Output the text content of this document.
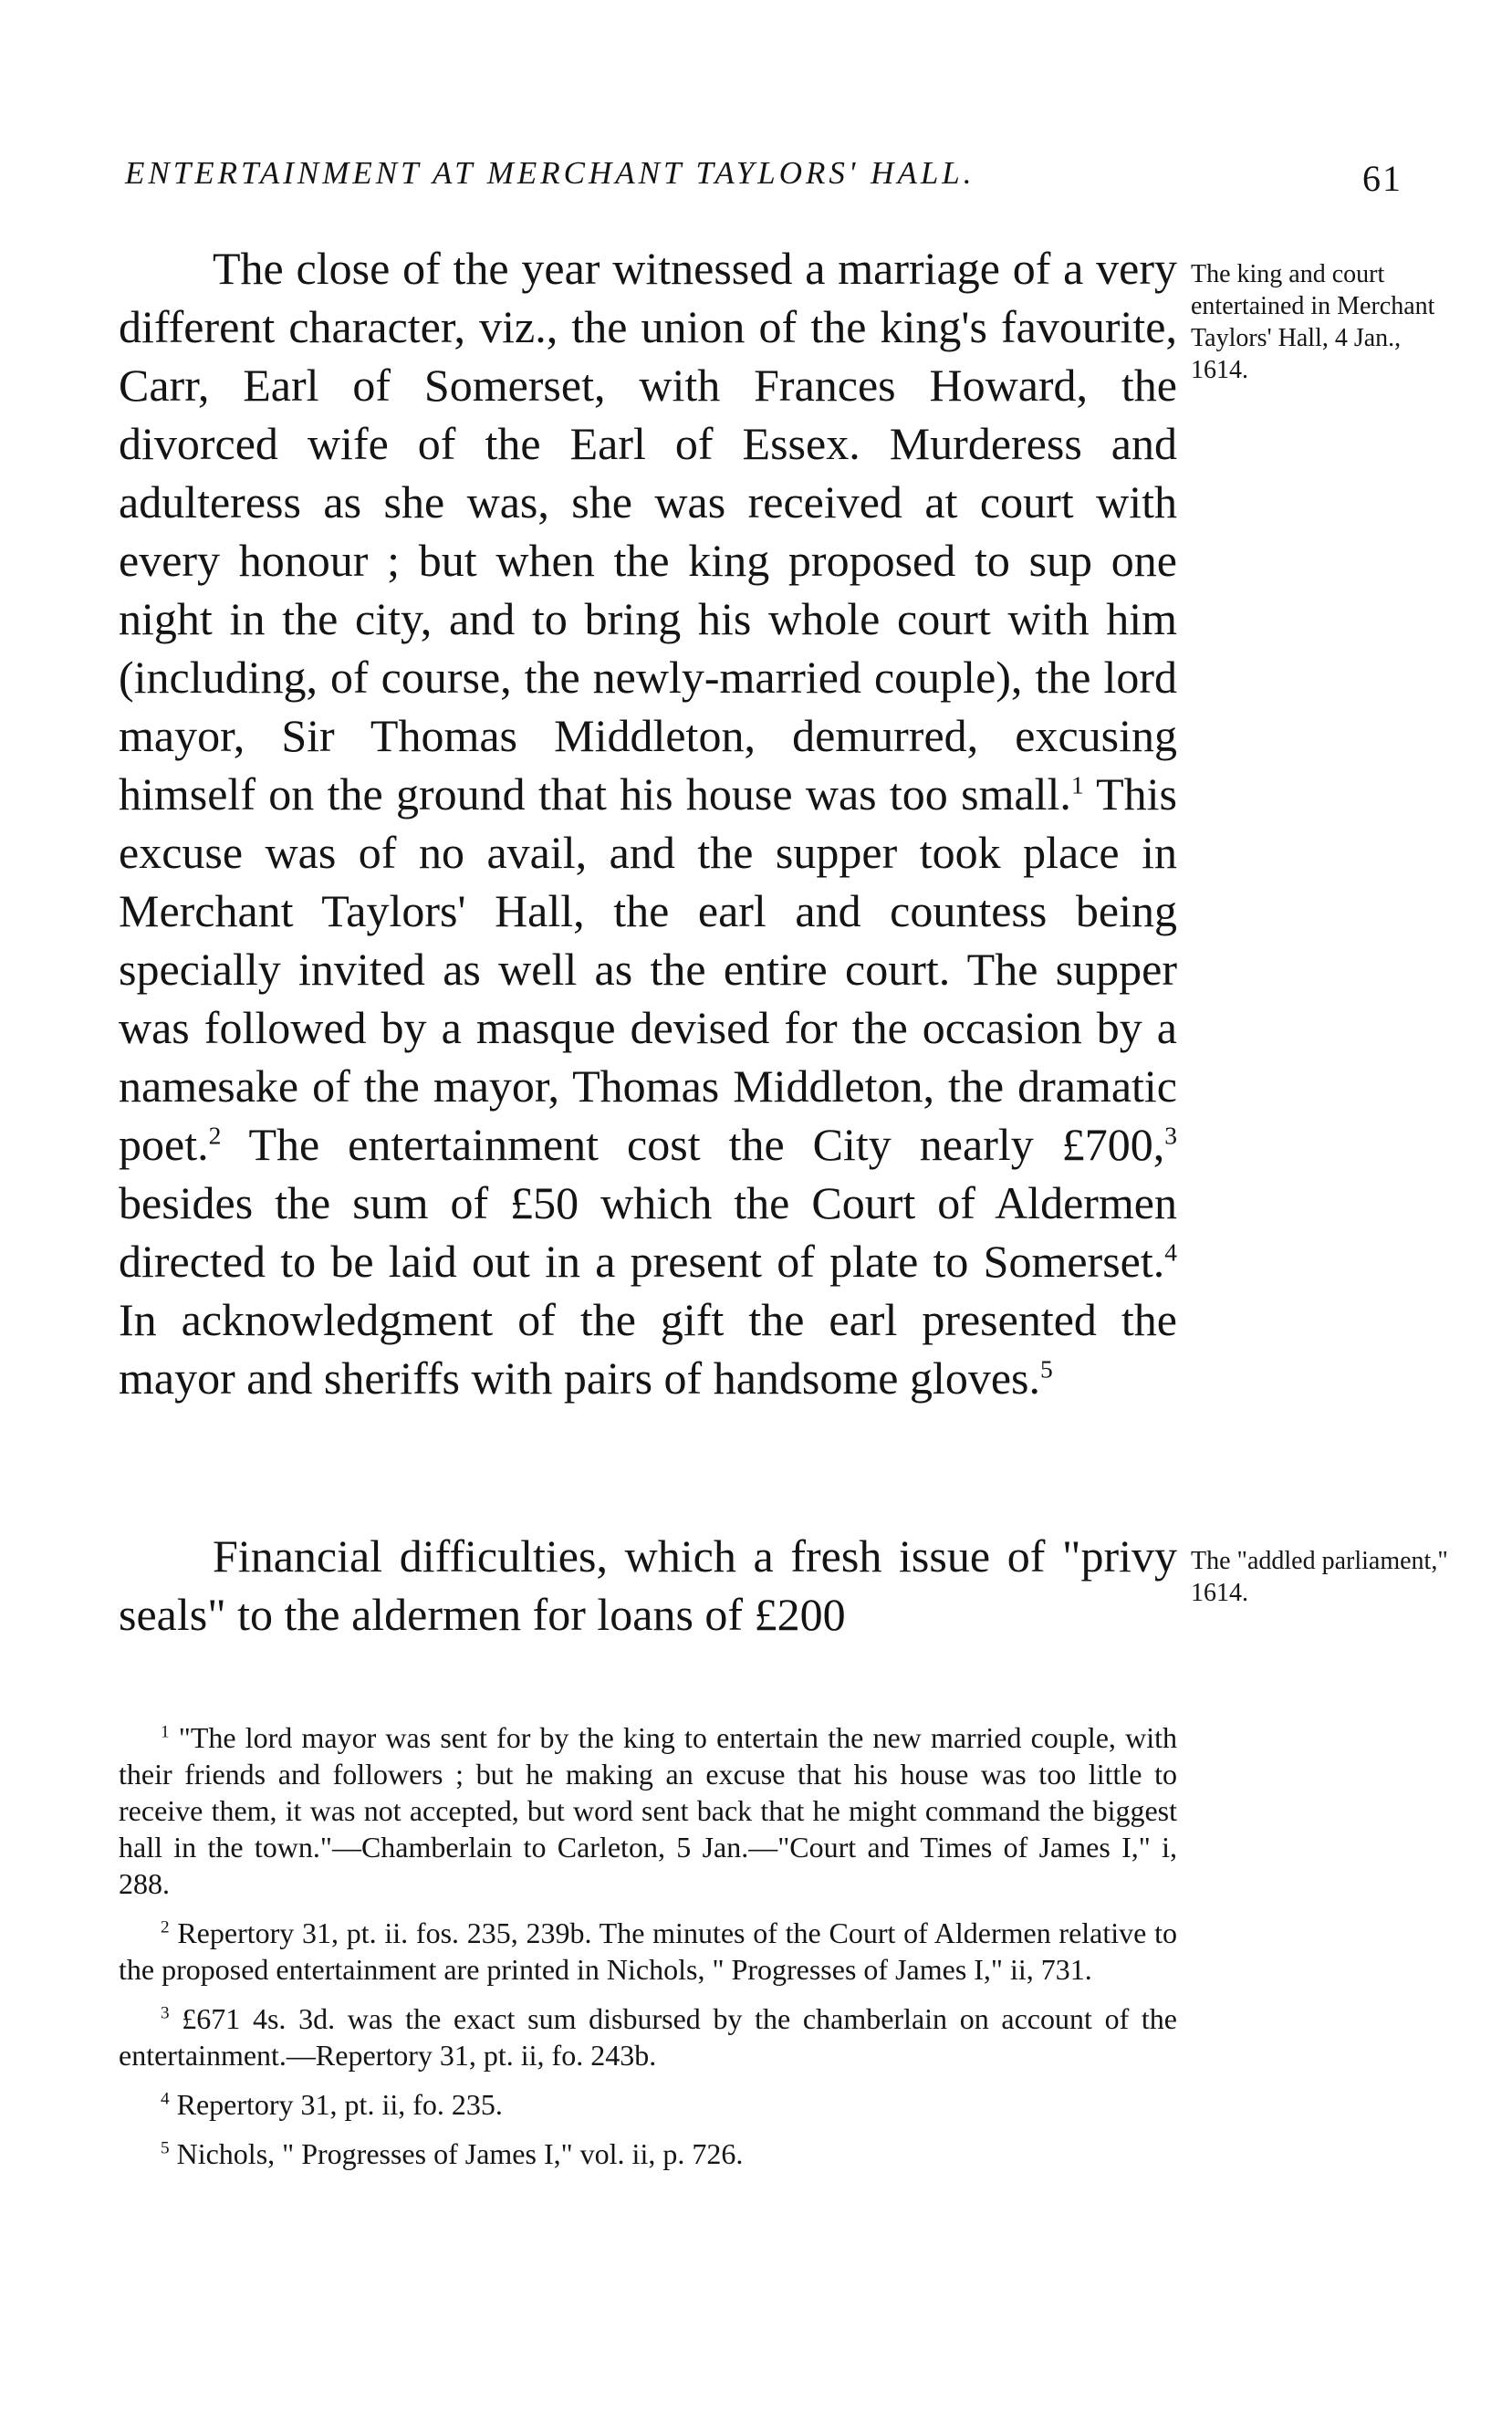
ENTERTAINMENT AT MERCHANT TAYLORS' HALL.	61

The close of the year witnessed a marriage of a very different character, viz., the union of the king's favourite, Carr, Earl of Somerset, with Frances Howard, the divorced wife of the Earl of Essex. Murderess and adulteress as she was, she was received at court with every honour ; but when the king proposed to sup one night in the city, and to bring his whole court with him (including, of course, the newly-married couple), the lord mayor, Sir Thomas Middleton, demurred, excusing himself on the ground that his house was too small.$^1$ This excuse was of no avail, and the supper took place in Merchant Taylors' Hall, the earl and countess being specially invited as well as the entire court. The supper was followed by a masque devised for the occasion by a namesake of the mayor, Thomas Middleton, the dramatic poet.$^2$ The entertainment cost the City nearly £700,$^3$ besides the sum of £50 which the Court of Aldermen directed to be laid out in a present of plate to Somerset.$^4$ In acknowledgment of the gift the earl presented the mayor and sheriffs with pairs of handsome gloves.$^5$

The king and court entertained in Merchant Taylors' Hall, 4 Jan., 1614.

Financial difficulties, which a fresh issue of "privy seals" to the aldermen for loans of £200

The "addled parliament," 1614.

$^1$ "The lord mayor was sent for by the king to entertain the new married couple, with their friends and followers ; but he making an excuse that his house was too little to receive them, it was not accepted, but word sent back that he might command the biggest hall in the town."—Chamberlain to Carleton, 5 Jan.—"Court and Times of James I," i, 288.

$^2$ Repertory 31, pt. ii. fos. 235, 239b. The minutes of the Court of Aldermen relative to the proposed entertainment are printed in Nichols, " Progresses of James I," ii, 731.

$^3$ £671 4s. 3d. was the exact sum disbursed by the chamberlain on account of the entertainment.—Repertory 31, pt. ii, fo. 243b.

$^4$ Repertory 31, pt. ii, fo. 235.

$^5$ Nichols, " Progresses of James I," vol. ii, p. 726.
